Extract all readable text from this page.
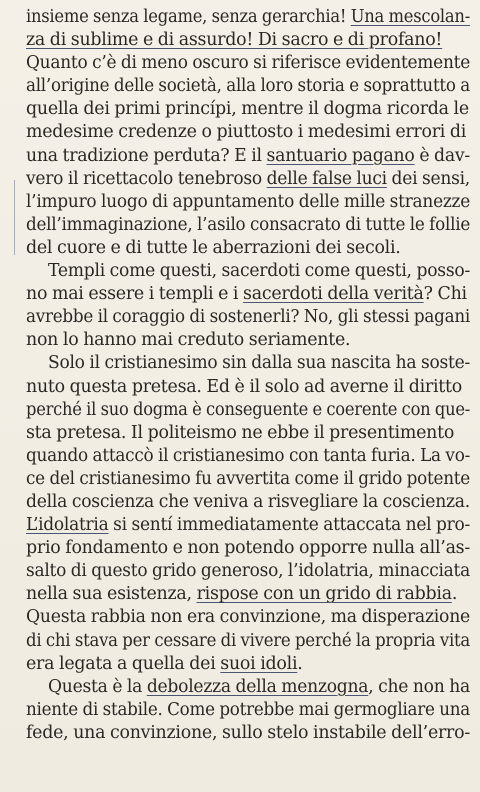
insieme senza legame, senza gerarchia! Una mescolan-
za di sublime e di assurdo! Di sacro e di profano!
Quanto c’è di meno oscuro si riferisce evidentemente
all’origine delle società, alla loro storia e soprattutto a
quella dei primi princípi, mentre il dogma ricorda le
medesime credenze o piuttosto i medesimi errori di
una tradizione perduta? E il santuario pagano è dav-
vero il ricettacolo tenebroso delle false luci dei sensi,
l’impuro luogo di appuntamento delle mille stranezze
dell’immaginazione, l’asilo consacrato di tutte le follie
del cuore e di tutte le aberrazioni dei secoli.
Templi come questi, sacerdoti come questi, posso-
no mai essere i templi e i sacerdoti della verità? Chi
avrebbe il coraggio di sostenerli? No, gli stessi pagani
non lo hanno mai creduto seriamente.
Solo il cristianesimo sin dalla sua nascita ha soste-
nuto questa pretesa. Ed è il solo ad averne il diritto
perché il suo dogma è conseguente e coerente con que-
sta pretesa. Il politeismo ne ebbe il presentimento
quando attaccò il cristianesimo con tanta furia. La vo-
ce del cristianesimo fu avvertita come il grido potente
della coscienza che veniva a risvegliare la coscienza.
L’idolatria si sentí immediatamente attaccata nel pro-
prio fondamento e non potendo opporre nulla all’as-
salto di questo grido generoso, l’idolatria, minacciata
nella sua esistenza, rispose con un grido di rabbia.
Questa rabbia non era convinzione, ma disperazione
di chi stava per cessare di vivere perché la propria vita
era legata a quella dei suoi idoli.
Questa è la debolezza della menzogna, che non ha
niente di stabile. Come potrebbe mai germogliare una
fede, una convinzione, sullo stelo instabile dell’erro-
